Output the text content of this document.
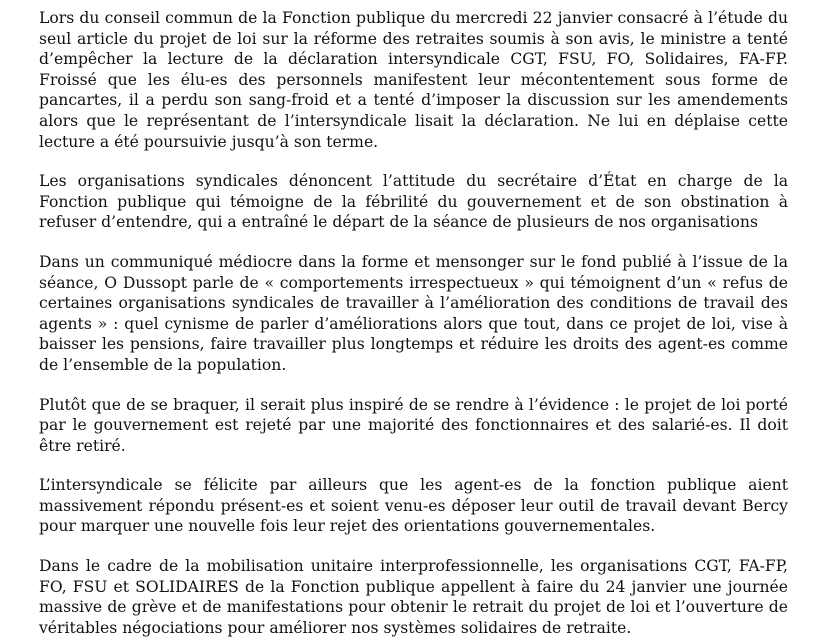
Lors du conseil commun de la Fonction publique du mercredi 22 janvier consacré à l’étude du seul article du projet de loi sur la réforme des retraites soumis à son avis, le ministre a tenté d’empêcher la lecture de la déclaration intersyndicale CGT, FSU, FO, Solidaires, FA-FP. Froissé que les élu-es des personnels manifestent leur mécontentement sous forme de pancartes, il a perdu son sang-froid et a tenté d’imposer la discussion sur les amendements alors que le représentant de l’intersyndicale lisait la déclaration. Ne lui en déplaise cette lecture a été poursuivie jusqu’à son terme.

Les organisations syndicales dénoncent l’attitude du secrétaire d’État en charge de la Fonction publique qui témoigne de la fébrilité du gouvernement et de son obstination à refuser d’entendre, qui a entraîné le départ de la séance de plusieurs de nos organisations

Dans un communiqué médiocre dans la forme et mensonger sur le fond publié à l’issue de la séance, O Dussopt parle de « comportements irrespectueux » qui témoignent d’un « refus de certaines organisations syndicales de travailler à l’amélioration des conditions de travail des agents » : quel cynisme de parler d’améliorations alors que tout, dans ce projet de loi, vise à baisser les pensions, faire travailler plus longtemps et réduire les droits des agent-es comme de l’ensemble de la population.

Plutôt que de se braquer, il serait plus inspiré de se rendre à l’évidence : le projet de loi porté par le gouvernement est rejeté par une majorité des fonctionnaires et des salarié-es. Il doit être retiré.

L’intersyndicale se félicite par ailleurs que les agent-es de la fonction publique aient massivement répondu présent-es et soient venu-es déposer leur outil de travail devant Bercy pour marquer une nouvelle fois leur rejet des orientations gouvernementales.

Dans le cadre de la mobilisation unitaire interprofessionnelle, les organisations CGT, FA-FP, FO, FSU et SOLIDAIRES de la Fonction publique appellent à faire du 24 janvier une journée massive de grève et de manifestations pour obtenir le retrait du projet de loi et l’ouverture de véritables négociations pour améliorer nos systèmes solidaires de retraite.
